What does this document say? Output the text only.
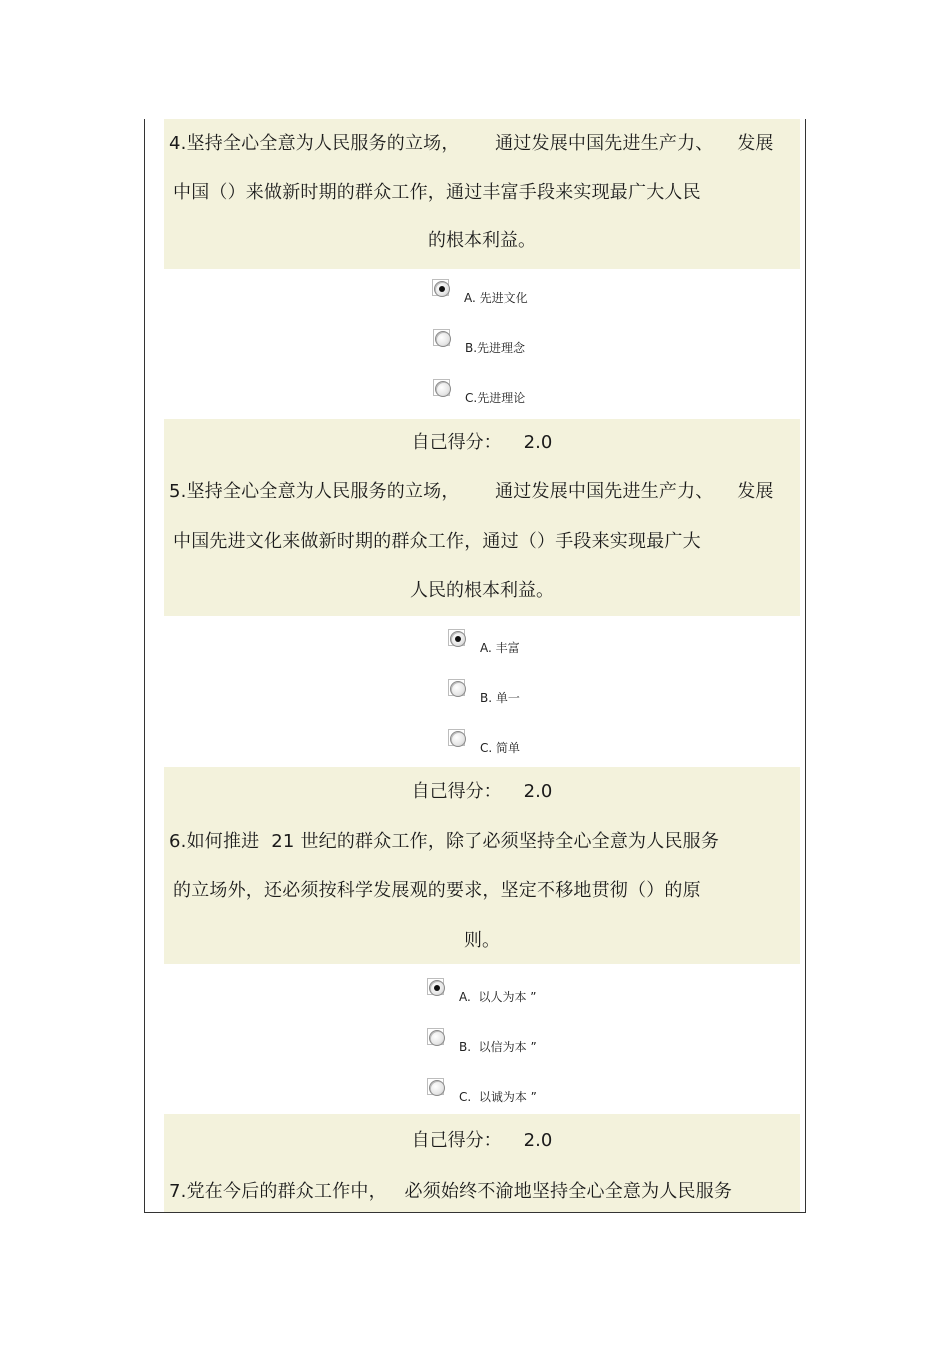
4.坚持全心全意为人民服务的立场，      通过发展中国先进生产力、    发展
中国（）来做新时期的群众工作，通过丰富手段来实现最广大人民
的根本利益。
A. 先进文化
B.先进理念
C.先进理论
自己得分： 2.0
5.坚持全心全意为人民服务的立场，      通过发展中国先进生产力、    发展
中国先进文化来做新时期的群众工作，通过（）手段来实现最广大
人民的根本利益。
A. 丰富
B. 单一
C. 简单
自己得分： 2.0
6.如何推进  21 世纪的群众工作，除了必须坚持全心全意为人民服务
的立场外，还必须按科学发展观的要求，坚定不移地贯彻（）的原
则。
A.  以人为本 ”
B.  以信为本 ”
C.  以诚为本 ”
自己得分： 2.0
7.党在今后的群众工作中，   必须始终不渝地坚持全心全意为人民服务
